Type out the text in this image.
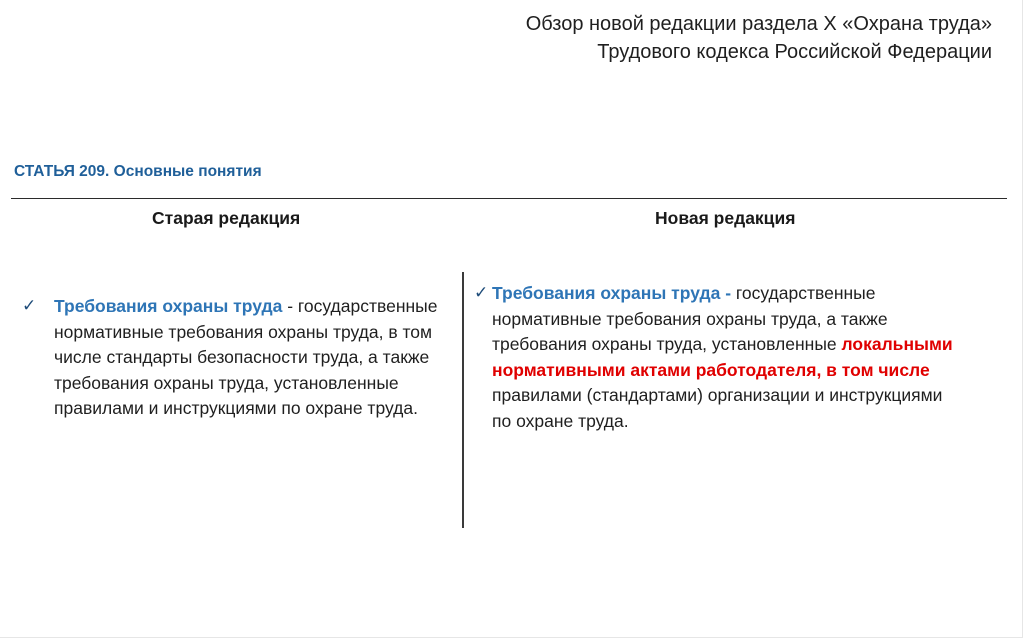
Обзор новой редакции раздела X «Охрана труда»
Трудового кодекса Российской Федерации
СТАТЬЯ 209. Основные понятия
Старая редакция	Новая редакция
✓ Требования охраны труда - государственные нормативные требования охраны труда, в том числе стандарты безопасности труда, а также требования охраны труда, установленные правилами и инструкциями по охране труда.
✓ Требования охраны труда - государственные нормативные требования охраны труда, а также требования охраны труда, установленные локальными нормативными актами работодателя, в том числе правилами (стандартами) организации и инструкциями по охране труда.
